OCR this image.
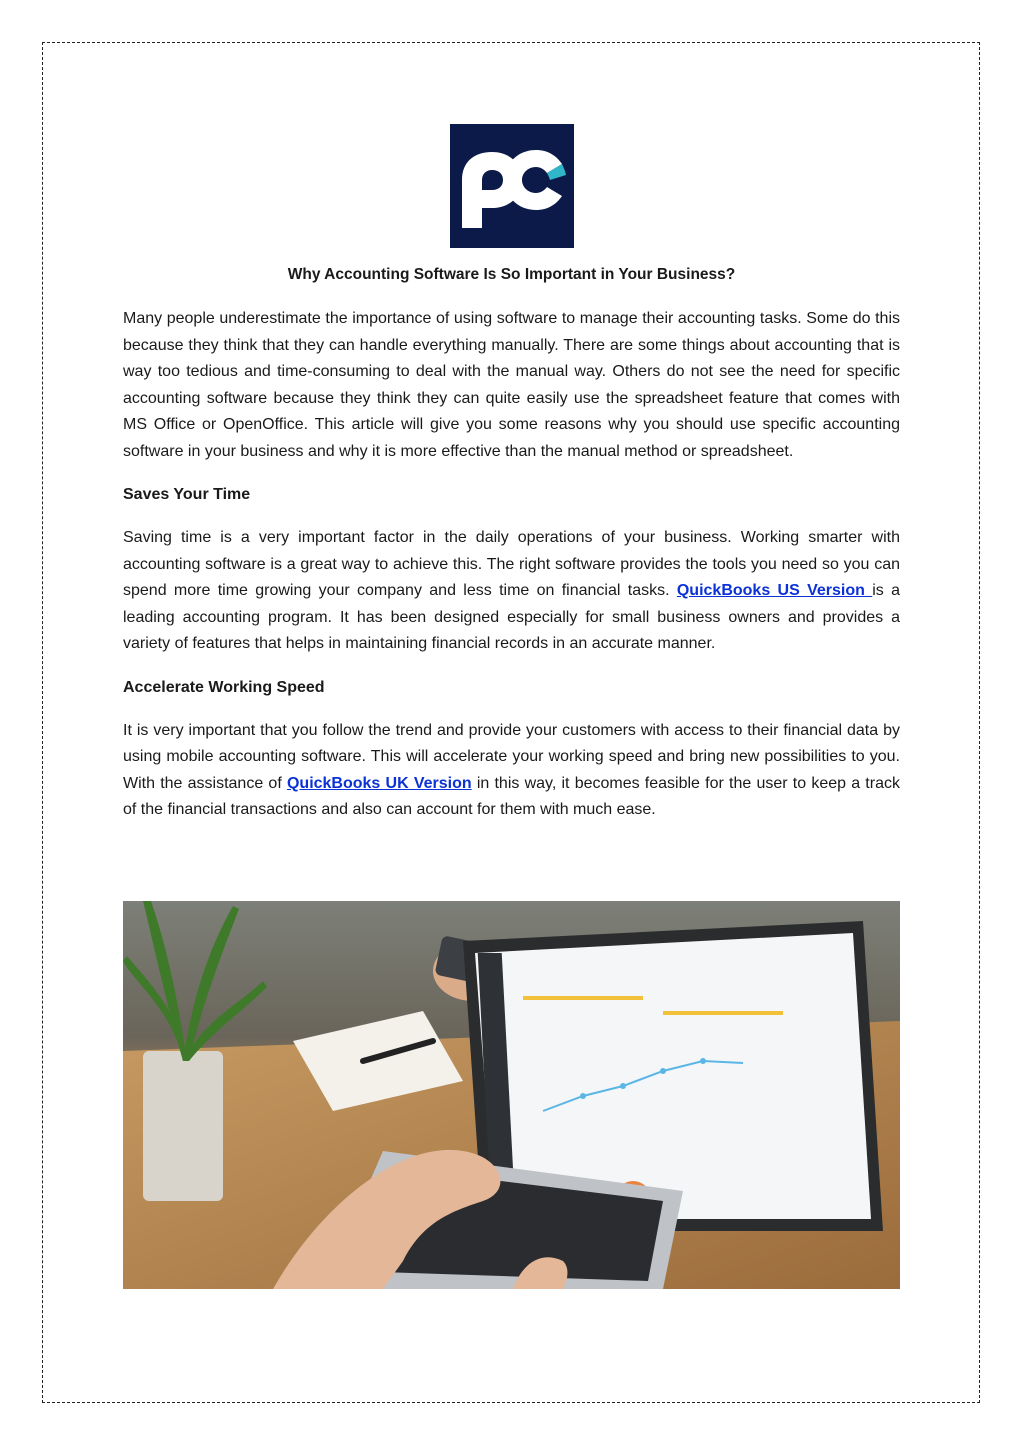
Why Accounting Software Is So Important in Your Business?

Many people underestimate the importance of using software to manage their accounting tasks. Some do this because they think that they can handle everything manually. There are some things about accounting that is way too tedious and time-consuming to deal with the manual way. Others do not see the need for specific accounting software because they think they can quite easily use the spreadsheet feature that comes with MS Office or OpenOffice. This article will give you some reasons why you should use specific accounting software in your business and why it is more effective than the manual method or spreadsheet.

Saves Your Time

Saving time is a very important factor in the daily operations of your business. Working smarter with accounting software is a great way to achieve this. The right software provides the tools you need so you can spend more time growing your company and less time on financial tasks. QuickBooks US Version is a leading accounting program. It has been designed especially for small business owners and provides a variety of features that helps in maintaining financial records in an accurate manner.

Accelerate Working Speed

It is very important that you follow the trend and provide your customers with access to their financial data by using mobile accounting software. This will accelerate your working speed and bring new possibilities to you. With the assistance of QuickBooks UK Version in this way, it becomes feasible for the user to keep a track of the financial transactions and also can account for them with much ease.
